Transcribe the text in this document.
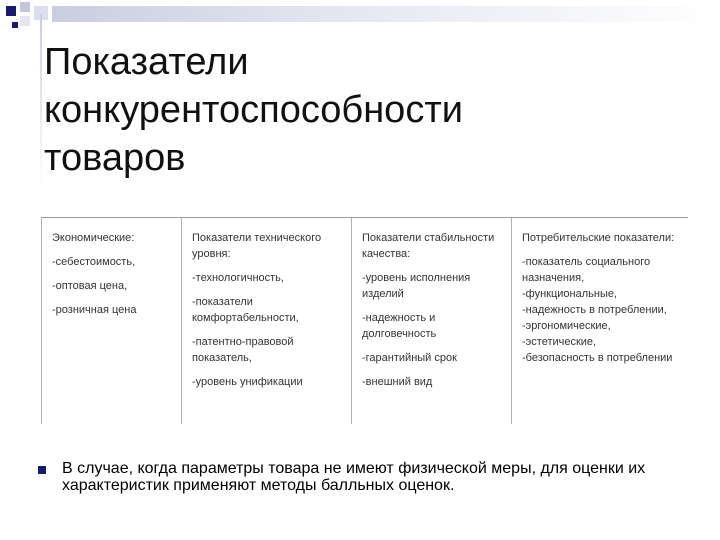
Показатели
конкурентоспособности
товаров
Экономические:
-себестоимость,
-оптовая цена,
-розничная цена
Показатели технического уровня:
-технологичность,
-показатели комфортабельности,
-патентно-правовой показатель,
-уровень унификации
Показатели стабильности качества:
-уровень исполнения изделий
-надежность и долговечность
-гарантийный срок
-внешний вид
Потребительские показатели:
-показатель социального назначения,
-функциональные,
-надежность в потреблении,
-эргономические,
-эстетические,
-безопасность в потреблении
В случае, когда параметры товара не имеют физической меры, для оценки их характеристик применяют методы балльных оценок.
